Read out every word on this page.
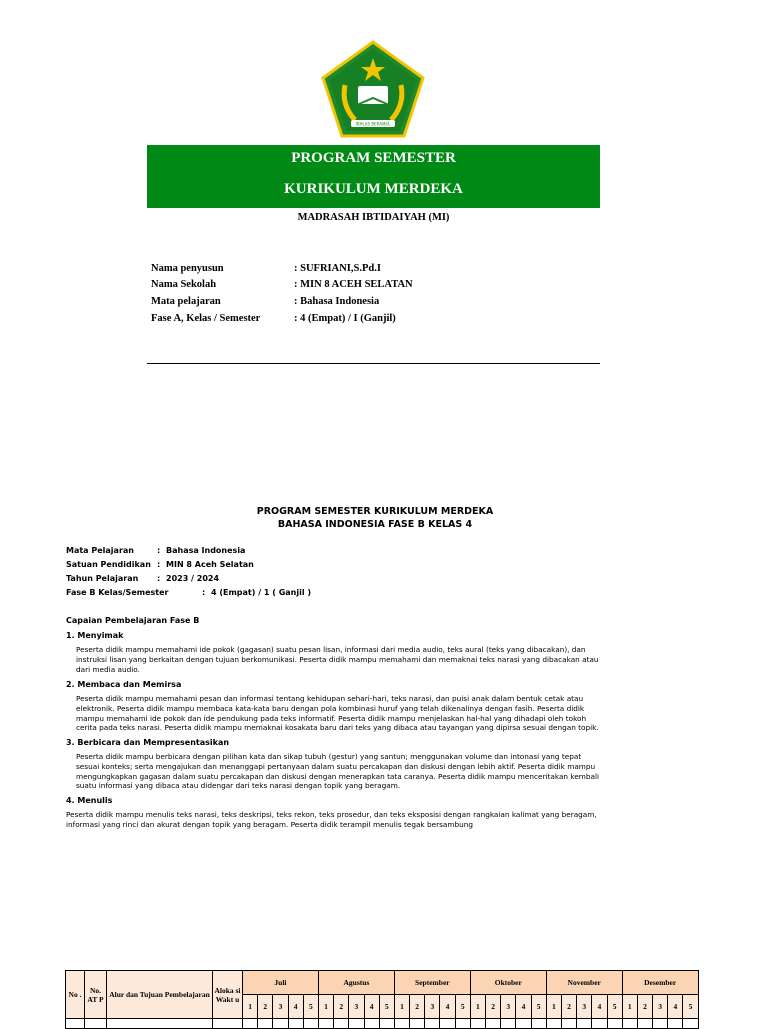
IKHLAS BERAMAL
PROGRAM SEMESTER
KURIKULUM MERDEKA
MADRASAH IBTIDAIYAH (MI)
Nama penyusun	: SUFRIANI,S.Pd.I
Nama Sekolah	: MIN 8 ACEH SELATAN
Mata pelajaran	: Bahasa Indonesia
Fase A, Kelas / Semester	: 4 (Empat) / I (Ganjil)
PROGRAM SEMESTER KURIKULUM MERDEKA
BAHASA INDONESIA FASE B KELAS 4
Mata Pelajaran	: Bahasa Indonesia
Satuan Pendidikan : MIN 8 Aceh Selatan
Tahun Pelajaran : 2023 / 2024
Fase B Kelas/Semester	: 4 (Empat) / 1 ( Ganjil )
Capaian Pembelajaran Fase B
1. Menyimak
Peserta didik mampu memahami ide pokok (gagasan) suatu pesan lisan, informasi dari media audio, teks aural (teks yang dibacakan), dan
instruksi lisan yang berkaitan dengan tujuan berkomunikasi. Peserta didik mampu memahami dan memaknai teks narasi yang dibacakan atau
dari media audio.
2. Membaca dan Memirsa
Peserta didik mampu memahami pesan dan informasi tentang kehidupan sehari-hari, teks narasi, dan puisi anak dalam bentuk cetak atau
elektronik. Peserta didik mampu membaca kata-kata baru dengan pola kombinasi huruf yang telah dikenalinya dengan fasih. Peserta didik
mampu memahami ide pokok dan ide pendukung pada teks informatif. Peserta didik mampu menjelaskan hal-hal yang dihadapi oleh tokoh
cerita pada teks narasi. Peserta didik mampu memaknai kosakata baru dari teks yang dibaca atau tayangan yang dipirsa sesuai dengan topik.
3. Berbicara dan Mempresentasikan
Peserta didik mampu berbicara dengan pilihan kata dan sikap tubuh (gestur) yang santun; menggunakan volume dan intonasi yang tepat
sesuai konteks; serta mengajukan dan menanggapi pertanyaan dalam suatu percakapan dan diskusi dengan lebih aktif. Peserta didik mampu
mengungkapkan gagasan dalam suatu percakapan dan diskusi dengan menerapkan tata caranya. Peserta didik mampu menceritakan kembali
suatu informasi yang dibaca atau didengar dari teks narasi dengan topik yang beragam.
4. Menulis
Peserta didik mampu menulis teks narasi, teks deskripsi, teks rekon, teks prosedur, dan teks eksposisi dengan rangkaian kalimat yang beragam,
informasi yang rinci dan akurat dengan topik yang beragam. Peserta didik terampil menulis tegak bersambung
No .	No. AT P	Alur dan Tujuan Pembelajaran	Aloka si Wakt u	Juli					Agustus					September					Oktober					November					Desember				
				1	2	3	4	5	1	2	3	4	5	1	2	3	4	5	1	2	3	4	5	1	2	3	4	5	1	2	3	4	5
